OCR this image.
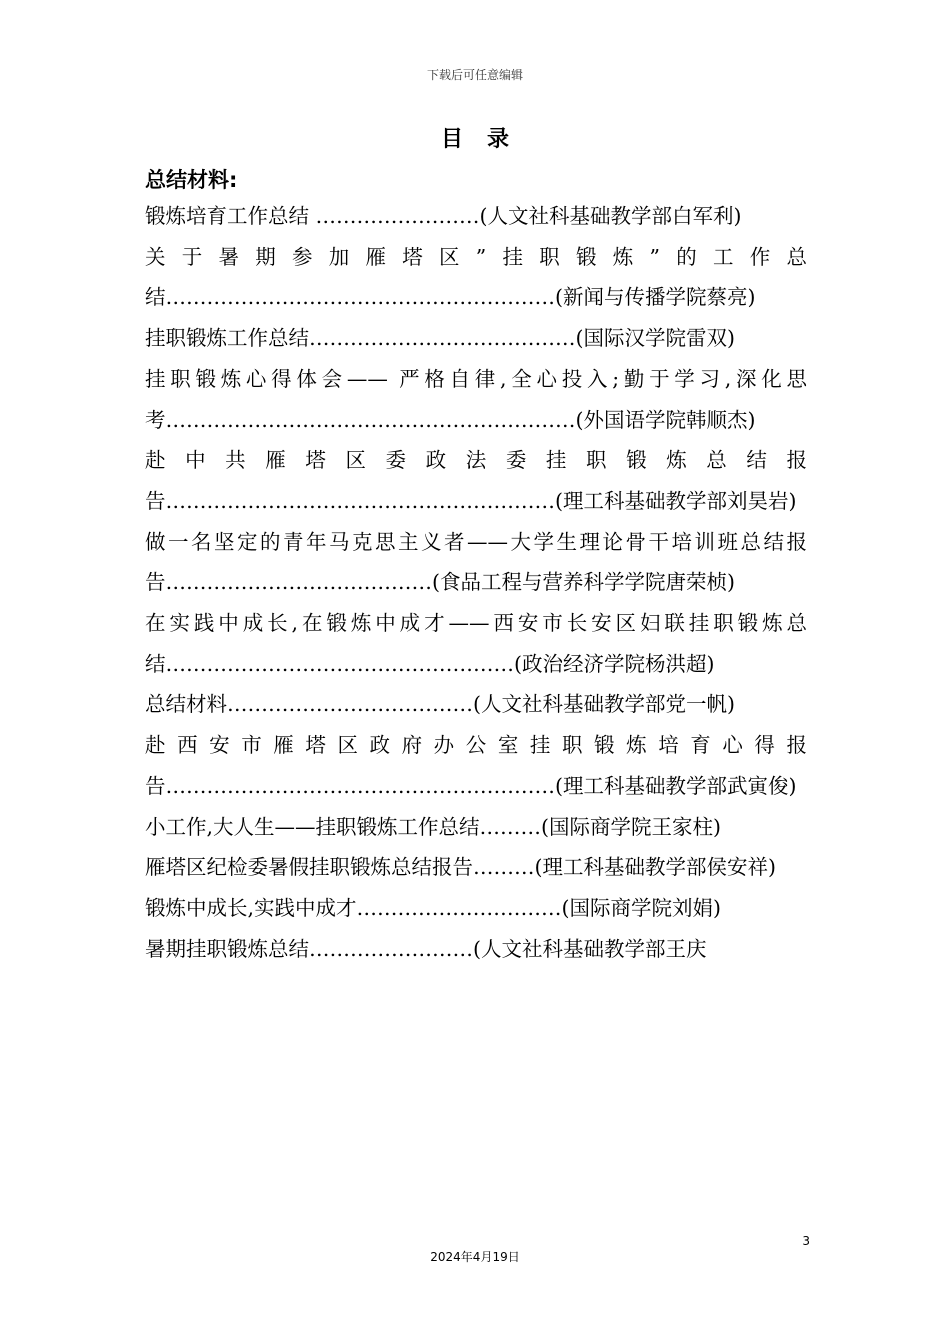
下载后可任意编辑
目录
总结材料:
锻炼培育工作总结 ……………………(人文社科基础教学部白军利)
关于暑期参加雁塔区”挂职锻炼”的工作总结…………………………………………………(新闻与传播学院蔡亮)
挂职锻炼工作总结…………………………………(国际汉学院雷双)
挂职锻炼心得体会—— 严格自律,全心投入;勤于学习,深化思考……………………………………………………(外国语学院韩顺杰)
赴中共雁塔区委政法委挂职锻炼总结报告…………………………………………………(理工科基础教学部刘昊岩)
做一名坚定的青年马克思主义者——大学生理论骨干培训班总结报告…………………………………(食品工程与营养科学学院唐荣桢)
在实践中成长,在锻炼中成才——西安市长安区妇联挂职锻炼总结……………………………………………(政治经济学院杨洪超)
总结材料………………………………(人文社科基础教学部党一帆)
赴西安市雁塔区政府办公室挂职锻炼培育心得报告…………………………………………………(理工科基础教学部武寅俊)
小工作,大人生——挂职锻炼工作总结………(国际商学院王家柱)
雁塔区纪检委暑假挂职锻炼总结报告………(理工科基础教学部侯安祥)
锻炼中成长,实践中成才…………………………(国际商学院刘娟)
暑期挂职锻炼总结……………………(人文社科基础教学部王庆
3
2024年4月19日
